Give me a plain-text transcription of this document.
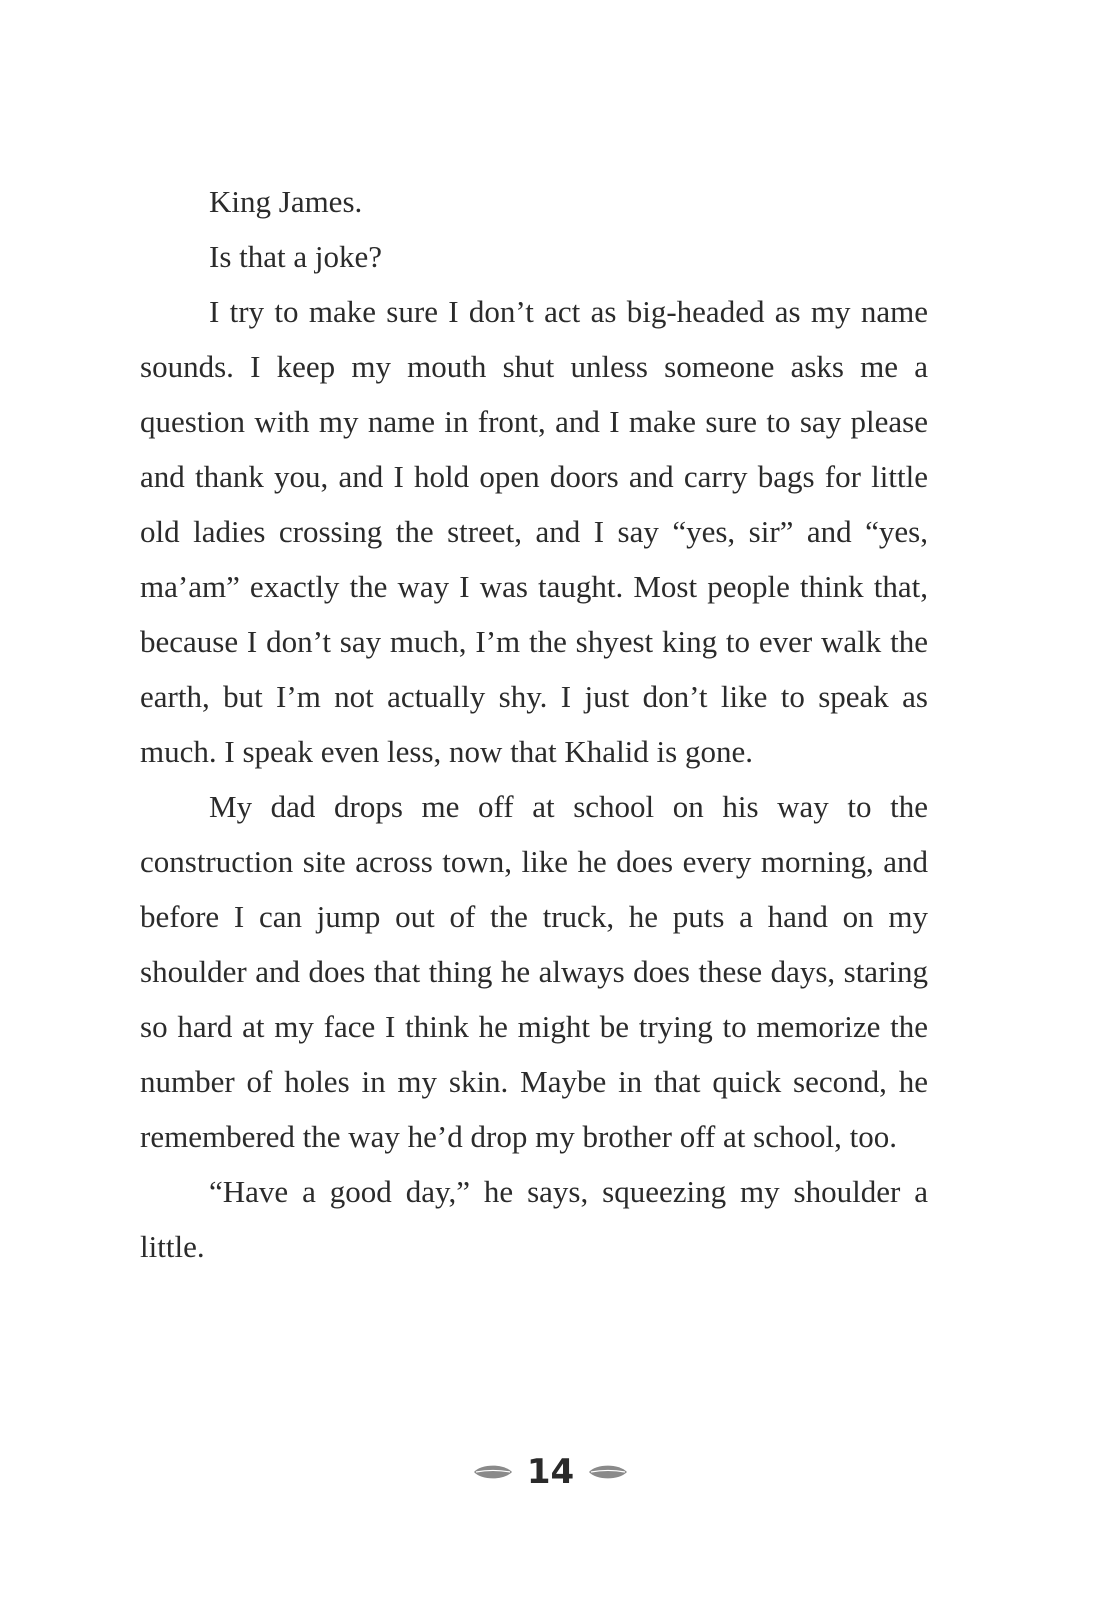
King James.

Is that a joke?

I try to make sure I don’t act as big-headed as my name sounds. I keep my mouth shut unless someone asks me a question with my name in front, and I make sure to say please and thank you, and I hold open doors and carry bags for little old ladies crossing the street, and I say “yes, sir” and “yes, ma’am” exactly the way I was taught. Most people think that, because I don’t say much, I’m the shyest king to ever walk the earth, but I’m not actually shy. I just don’t like to speak as much. I speak even less, now that Khalid is gone.

My dad drops me off at school on his way to the construction site across town, like he does every morning, and before I can jump out of the truck, he puts a hand on my shoulder and does that thing he always does these days, staring so hard at my face I think he might be trying to memorize the number of holes in my skin. Maybe in that quick second, he remembered the way he’d drop my brother off at school, too.

“Have a good day,” he says, squeezing my shoulder a little.

14
